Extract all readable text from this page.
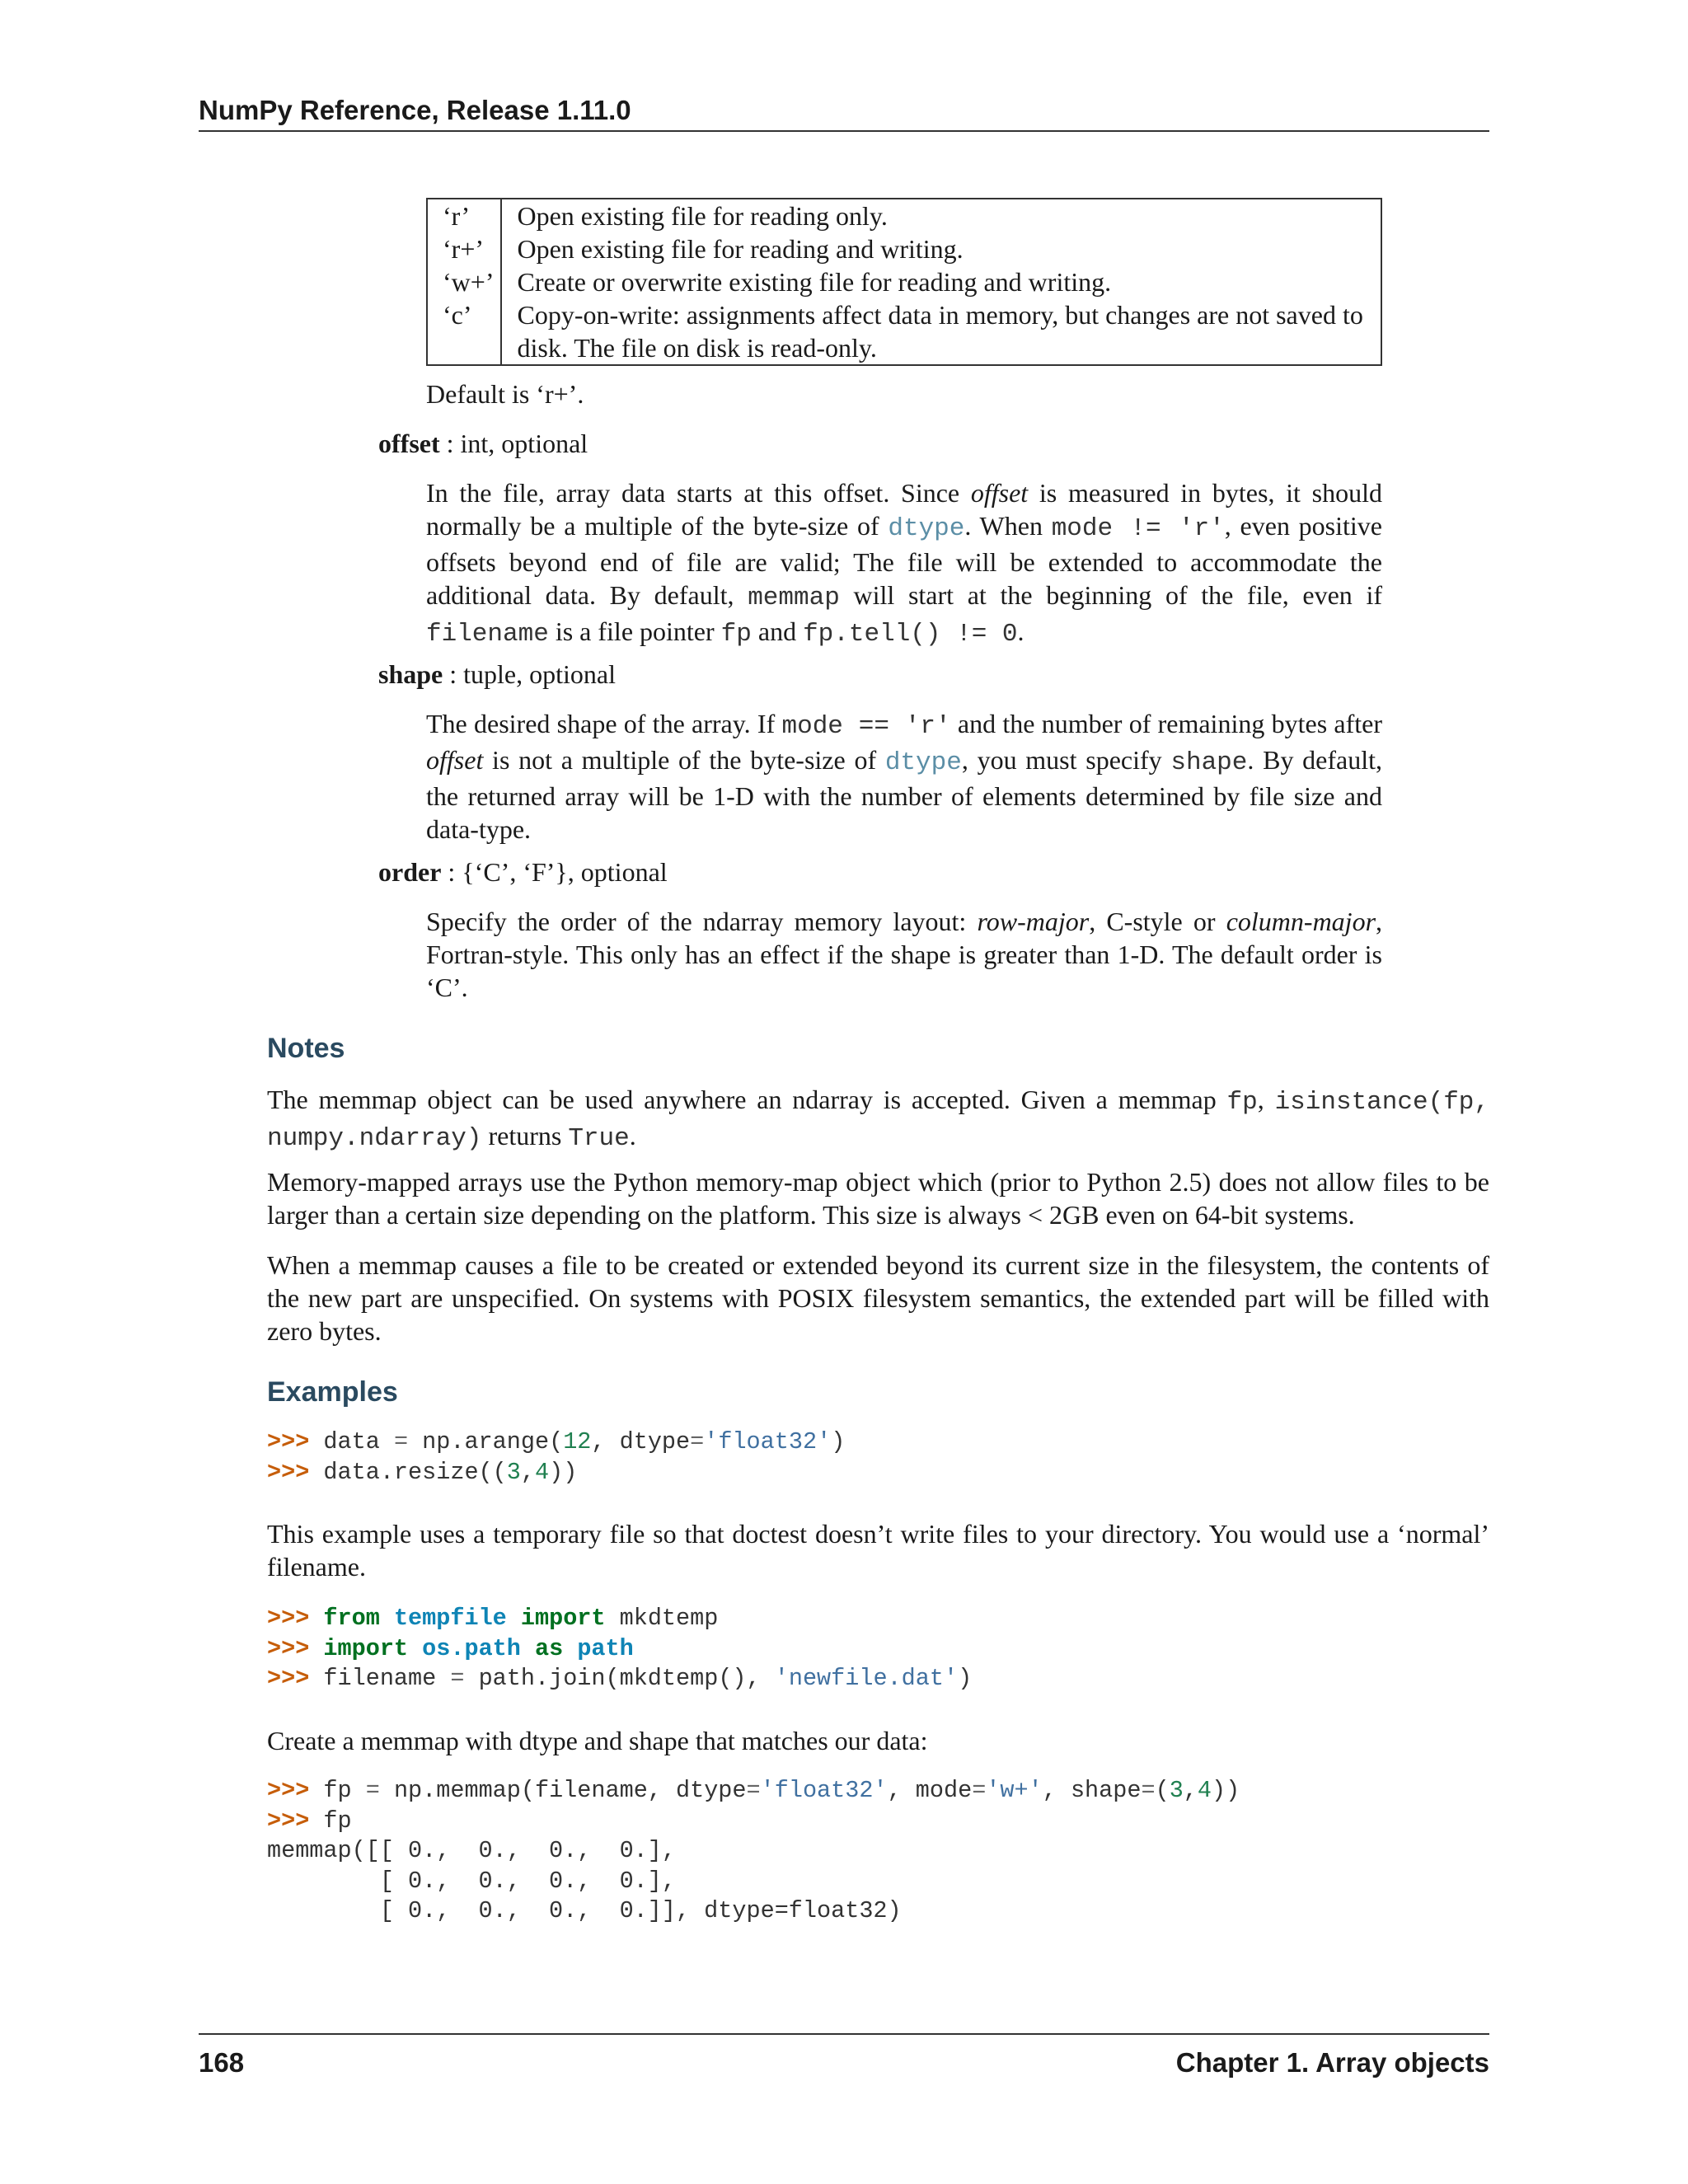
NumPy Reference, Release 1.11.0
‘r’	Open existing file for reading only.
‘r+’	Open existing file for reading and writing.
‘w+’	Create or overwrite existing file for reading and writing.
‘c’	Copy-on-write: assignments affect data in memory, but changes are not saved to disk. The file on disk is read-only.

Default is ‘r+’.

offset : int, optional

In the file, array data starts at this offset. Since offset is measured in bytes, it should normally be a multiple of the byte-size of dtype. When mode != 'r', even positive offsets beyond end of file are valid; The file will be extended to accommodate the additional data. By default, memmap will start at the beginning of the file, even if filename is a file pointer fp and fp.tell() != 0.

shape : tuple, optional

The desired shape of the array. If mode == 'r' and the number of remaining bytes after offset is not a multiple of the byte-size of dtype, you must specify shape. By default, the returned array will be 1-D with the number of elements determined by file size and data-type.

order : {‘C’, ‘F’}, optional

Specify the order of the ndarray memory layout: row-major, C-style or column-major, Fortran-style. This only has an effect if the shape is greater than 1-D. The default order is ‘C’.

Notes

The memmap object can be used anywhere an ndarray is accepted. Given a memmap fp, isinstance(fp, numpy.ndarray) returns True.

Memory-mapped arrays use the Python memory-map object which (prior to Python 2.5) does not allow files to be larger than a certain size depending on the platform. This size is always < 2GB even on 64-bit systems.

When a memmap causes a file to be created or extended beyond its current size in the filesystem, the contents of the new part are unspecified. On systems with POSIX filesystem semantics, the extended part will be filled with zero bytes.

Examples
>>> data = np.arange(12, dtype='float32')
>>> data.resize((3,4))

This example uses a temporary file so that doctest doesn’t write files to your directory. You would use a ‘normal’ filename.

>>> from tempfile import mkdtemp
>>> import os.path as path
>>> filename = path.join(mkdtemp(), 'newfile.dat')

Create a memmap with dtype and shape that matches our data:

>>> fp = np.memmap(filename, dtype='float32', mode='w+', shape=(3,4))
>>> fp
memmap([[ 0.,  0.,  0.,  0.],
[ 0.,  0.,  0.,  0.],
[ 0.,  0.,  0.,  0.]], dtype=float32)
168	Chapter 1. Array objects
